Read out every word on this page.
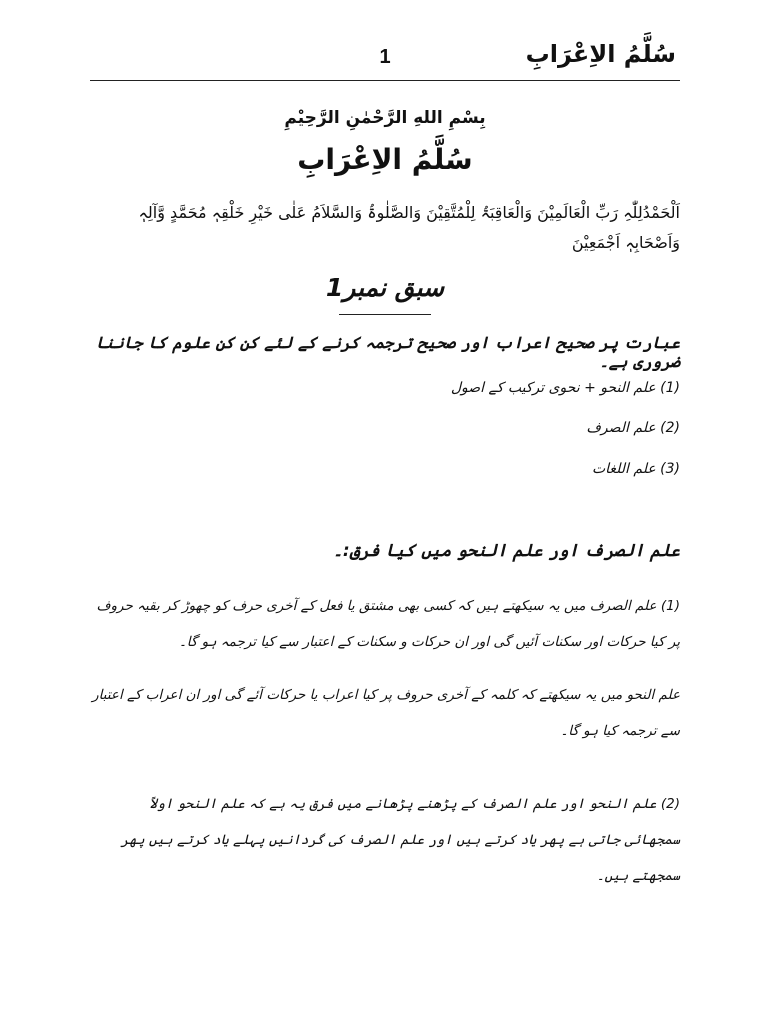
سُلَّمُ الاِعْرَابِ
1
بِسْمِ اللهِ الرَّحْمٰنِ الرَّحِيْمِ
سُلَّمُ الاِعْرَابِ
اَلْحَمْدُلِلّٰہِ رَبِّ الْعَالَمِيْنَ وَالْعَاقِبَۃُ لِلْمُتَّقِيْنَ وَالصَّلٰوۃُ وَالسَّلاَمُ عَلٰی خَيْرِ خَلْقِہٖ مُحَمَّدٍ وَّآلِہٖ وَاَصْحَابِہٖ اَجْمَعِيْنَ
سبق نمبر1
عبارت پر صحیح اعراب اور صحیح ترجمہ کرنے کے لئے کن کن علوم کا جاننا ضروری ہے۔
(1) علم النحو + نحوی ترکیب کے اصول
(2) علم الصرف
(3) علم اللغات
علم الصرف اور علم النحو میں کیا فرق:۔
(1) علم الصرف میں یہ سیکھتے ہیں کہ کسی بھی مشتق یا فعل کے آخری حرف کو چھوڑ کر بقیہ حروف پر کیا حرکات اور سکنات آئیں گی اور ان حرکات و سکنات کے اعتبار سے کیا ترجمہ ہو گا۔
علم النحو میں یہ سیکھتے کہ کلمہ کے آخری حروف پر کیا اعراب یا حرکات آئے گی اور ان اعراب کے اعتبار سے ترجمہ کیا ہو گا۔
(2) علم النحو اور علم الصرف کے پڑھنے پڑھانے میں فرق یہ ہے کہ علم النحو اولاً سمجھائی جاتی ہے پھر یاد کرتے ہیں اور علم الصرف کی گردانیں پہلے یاد کرتے ہیں پھر سمجھتے ہیں۔
